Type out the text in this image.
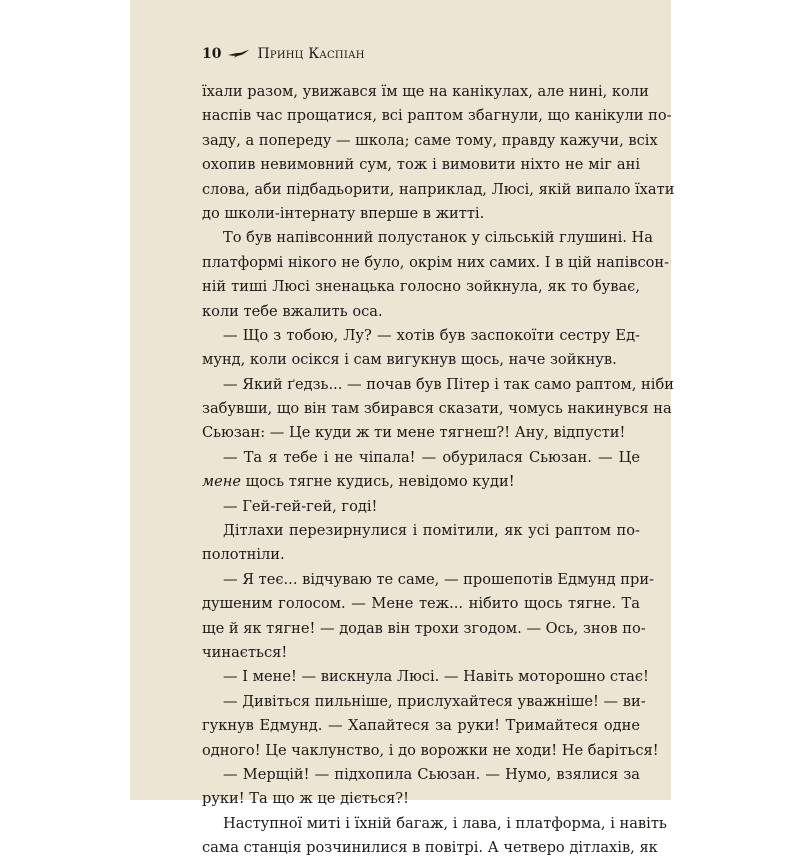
10	Принц Каспіан
їхали разом, увижався їм ще на канікулах, але нині, коли
наспів час прощатися, всі раптом збагнули, що канікули по-
заду, а попереду — школа; саме тому, правду кажучи, всіх
охопив невимовний сум, тож і вимовити ніхто не міг ані
слова, аби підбадьорити, наприклад, Люсі, якій випало їхати
до школи-інтернату вперше в житті.
То був напівсонний полустанок у сільській глушині. На
платформі нікого не було, окрім них самих. І в цій напівсон-
ній тиші Люсі зненацька голосно зойкнула, як то буває,
коли тебе вжалить оса.
— Що з тобою, Лу? — хотів був заспокоїти сестру Ед-
мунд, коли осікся і сам вигукнув щось, наче зойкнув.
— Який ґедзь... — почав був Пітер і так само раптом, ніби
забувши, що він там збирався сказати, чомусь накинувся на
Сьюзан: — Це куди ж ти мене тягнеш?! Ану, відпусти!
— Та я тебе і не чіпала! — обурилася Сьюзан. — Це
мене щось тягне кудись, невідомо куди!
— Гей-гей-гей, годі!
Дітлахи перезирнулися і помітили, як усі раптом по-
полотніли.
— Я теє... відчуваю те саме, — прошепотів Едмунд при-
душеним голосом. — Мене теж... нібито щось тягне. Та
ще й як тягне! — додав він трохи згодом. — Ось, знов по-
чинається!
— І мене! — вискнула Люсі. — Навіть моторошно стає!
— Дивіться пильніше, прислухайтеся уважніше! — ви-
гукнув Едмунд. — Хапайтеся за руки! Тримайтеся одне
одного! Це чаклунство, і до ворожки не ходи! Не баріться!
— Мерщій! — підхопила Сьюзан. — Нумо, взялися за
руки! Та що ж це діється?!
Наступної миті і їхній багаж, і лава, і платформа, і навіть
сама станція розчинилися в повітрі. А четверо дітлахів, як
